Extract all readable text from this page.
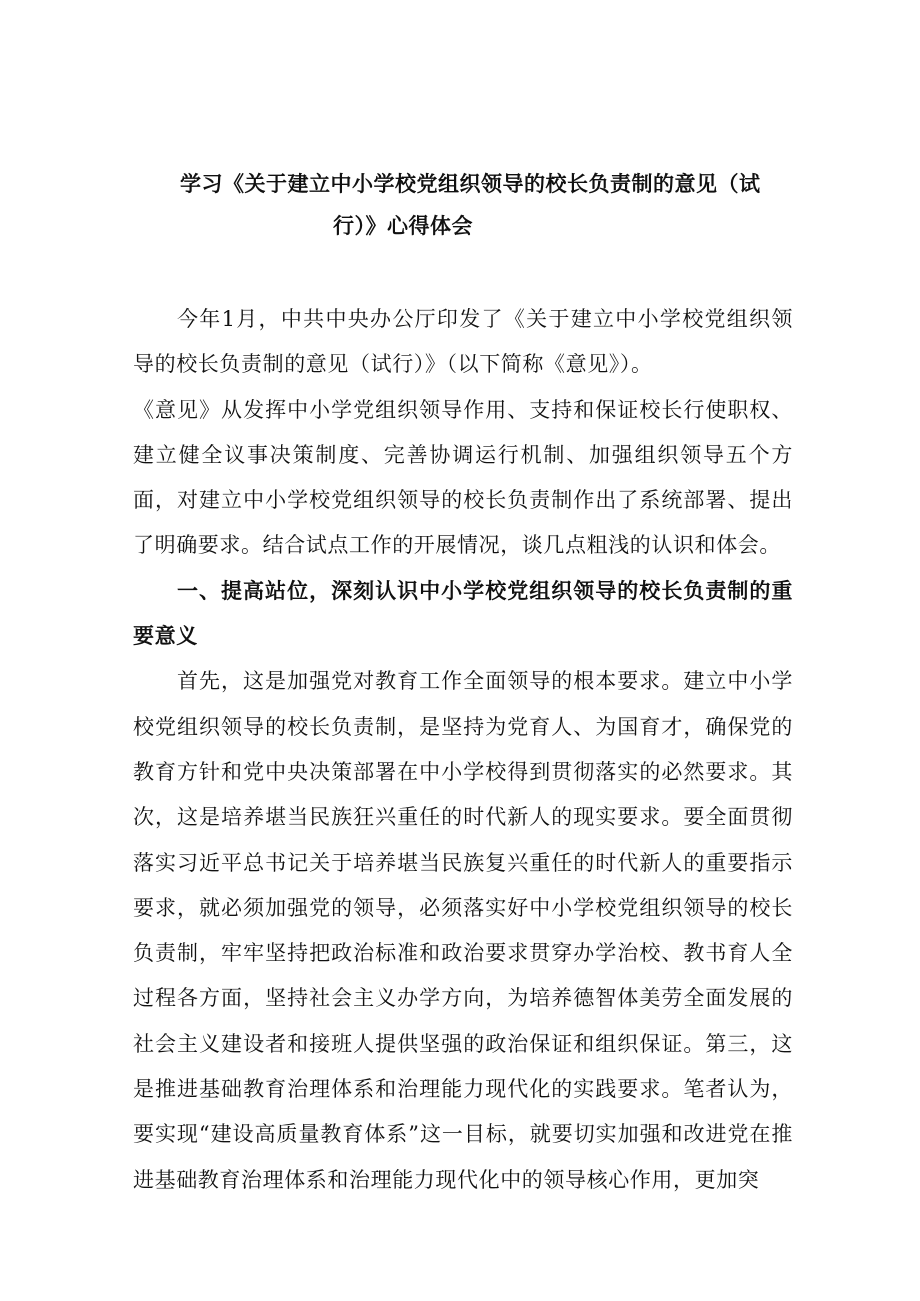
学习《关于建立中小学校党组织领导的校长负责制的意见（试
行）》心得体会

今年1月，中共中央办公厅印发了《关于建立中小学校党组织领导的校长负责制的意见（试行）》（以下简称《意见》）。

《意见》从发挥中小学党组织领导作用、支持和保证校长行使职权、建立健全议事决策制度、完善协调运行机制、加强组织领导五个方面，对建立中小学校党组织领导的校长负责制作出了系统部署、提出了明确要求。结合试点工作的开展情况，谈几点粗浅的认识和体会。

一、提高站位，深刻认识中小学校党组织领导的校长负责制的重要意义

首先，这是加强党对教育工作全面领导的根本要求。建立中小学校党组织领导的校长负责制，是坚持为党育人、为国育才，确保党的教育方针和党中央决策部署在中小学校得到贯彻落实的必然要求。其次，这是培养堪当民族狂兴重任的时代新人的现实要求。要全面贯彻落实习近平总书记关于培养堪当民族复兴重任的时代新人的重要指示要求，就必须加强党的领导，必须落实好中小学校党组织领导的校长负责制，牢牢坚持把政治标准和政治要求贯穿办学治校、教书育人全过程各方面，坚持社会主义办学方向，为培养德智体美劳全面发展的社会主义建设者和接班人提供坚强的政治保证和组织保证。第三，这是推进基础教育治理体系和治理能力现代化的实践要求。笔者认为，要实现“建设高质量教育体系”这一目标，就要切实加强和改进党在推进基础教育治理体系和治理能力现代化中的领导核心作用，更加突
